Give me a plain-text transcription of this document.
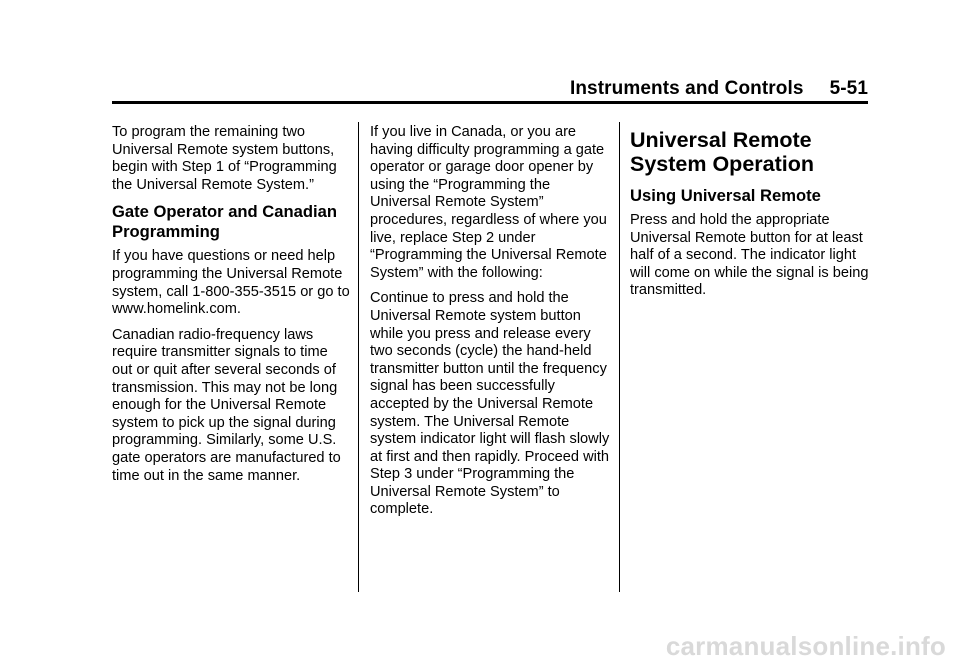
Instruments and Controls 5-51

To program the remaining two Universal Remote system buttons, begin with Step 1 of “Programming the Universal Remote System.”

Gate Operator and Canadian Programming

If you have questions or need help programming the Universal Remote system, call 1-800-355-3515 or go to www.homelink.com.

Canadian radio-frequency laws require transmitter signals to time out or quit after several seconds of transmission. This may not be long enough for the Universal Remote system to pick up the signal during programming. Similarly, some U.S. gate operators are manufactured to time out in the same manner.

If you live in Canada, or you are having difficulty programming a gate operator or garage door opener by using the “Programming the Universal Remote System” procedures, regardless of where you live, replace Step 2 under “Programming the Universal Remote System” with the following:

Continue to press and hold the Universal Remote system button while you press and release every two seconds (cycle) the hand-held transmitter button until the frequency signal has been successfully accepted by the Universal Remote system. The Universal Remote system indicator light will flash slowly at first and then rapidly. Proceed with Step 3 under “Programming the Universal Remote System” to complete.

Universal Remote System Operation
Using Universal Remote

Press and hold the appropriate Universal Remote button for at least half of a second. The indicator light will come on while the signal is being transmitted.

carmanualsonline.info
